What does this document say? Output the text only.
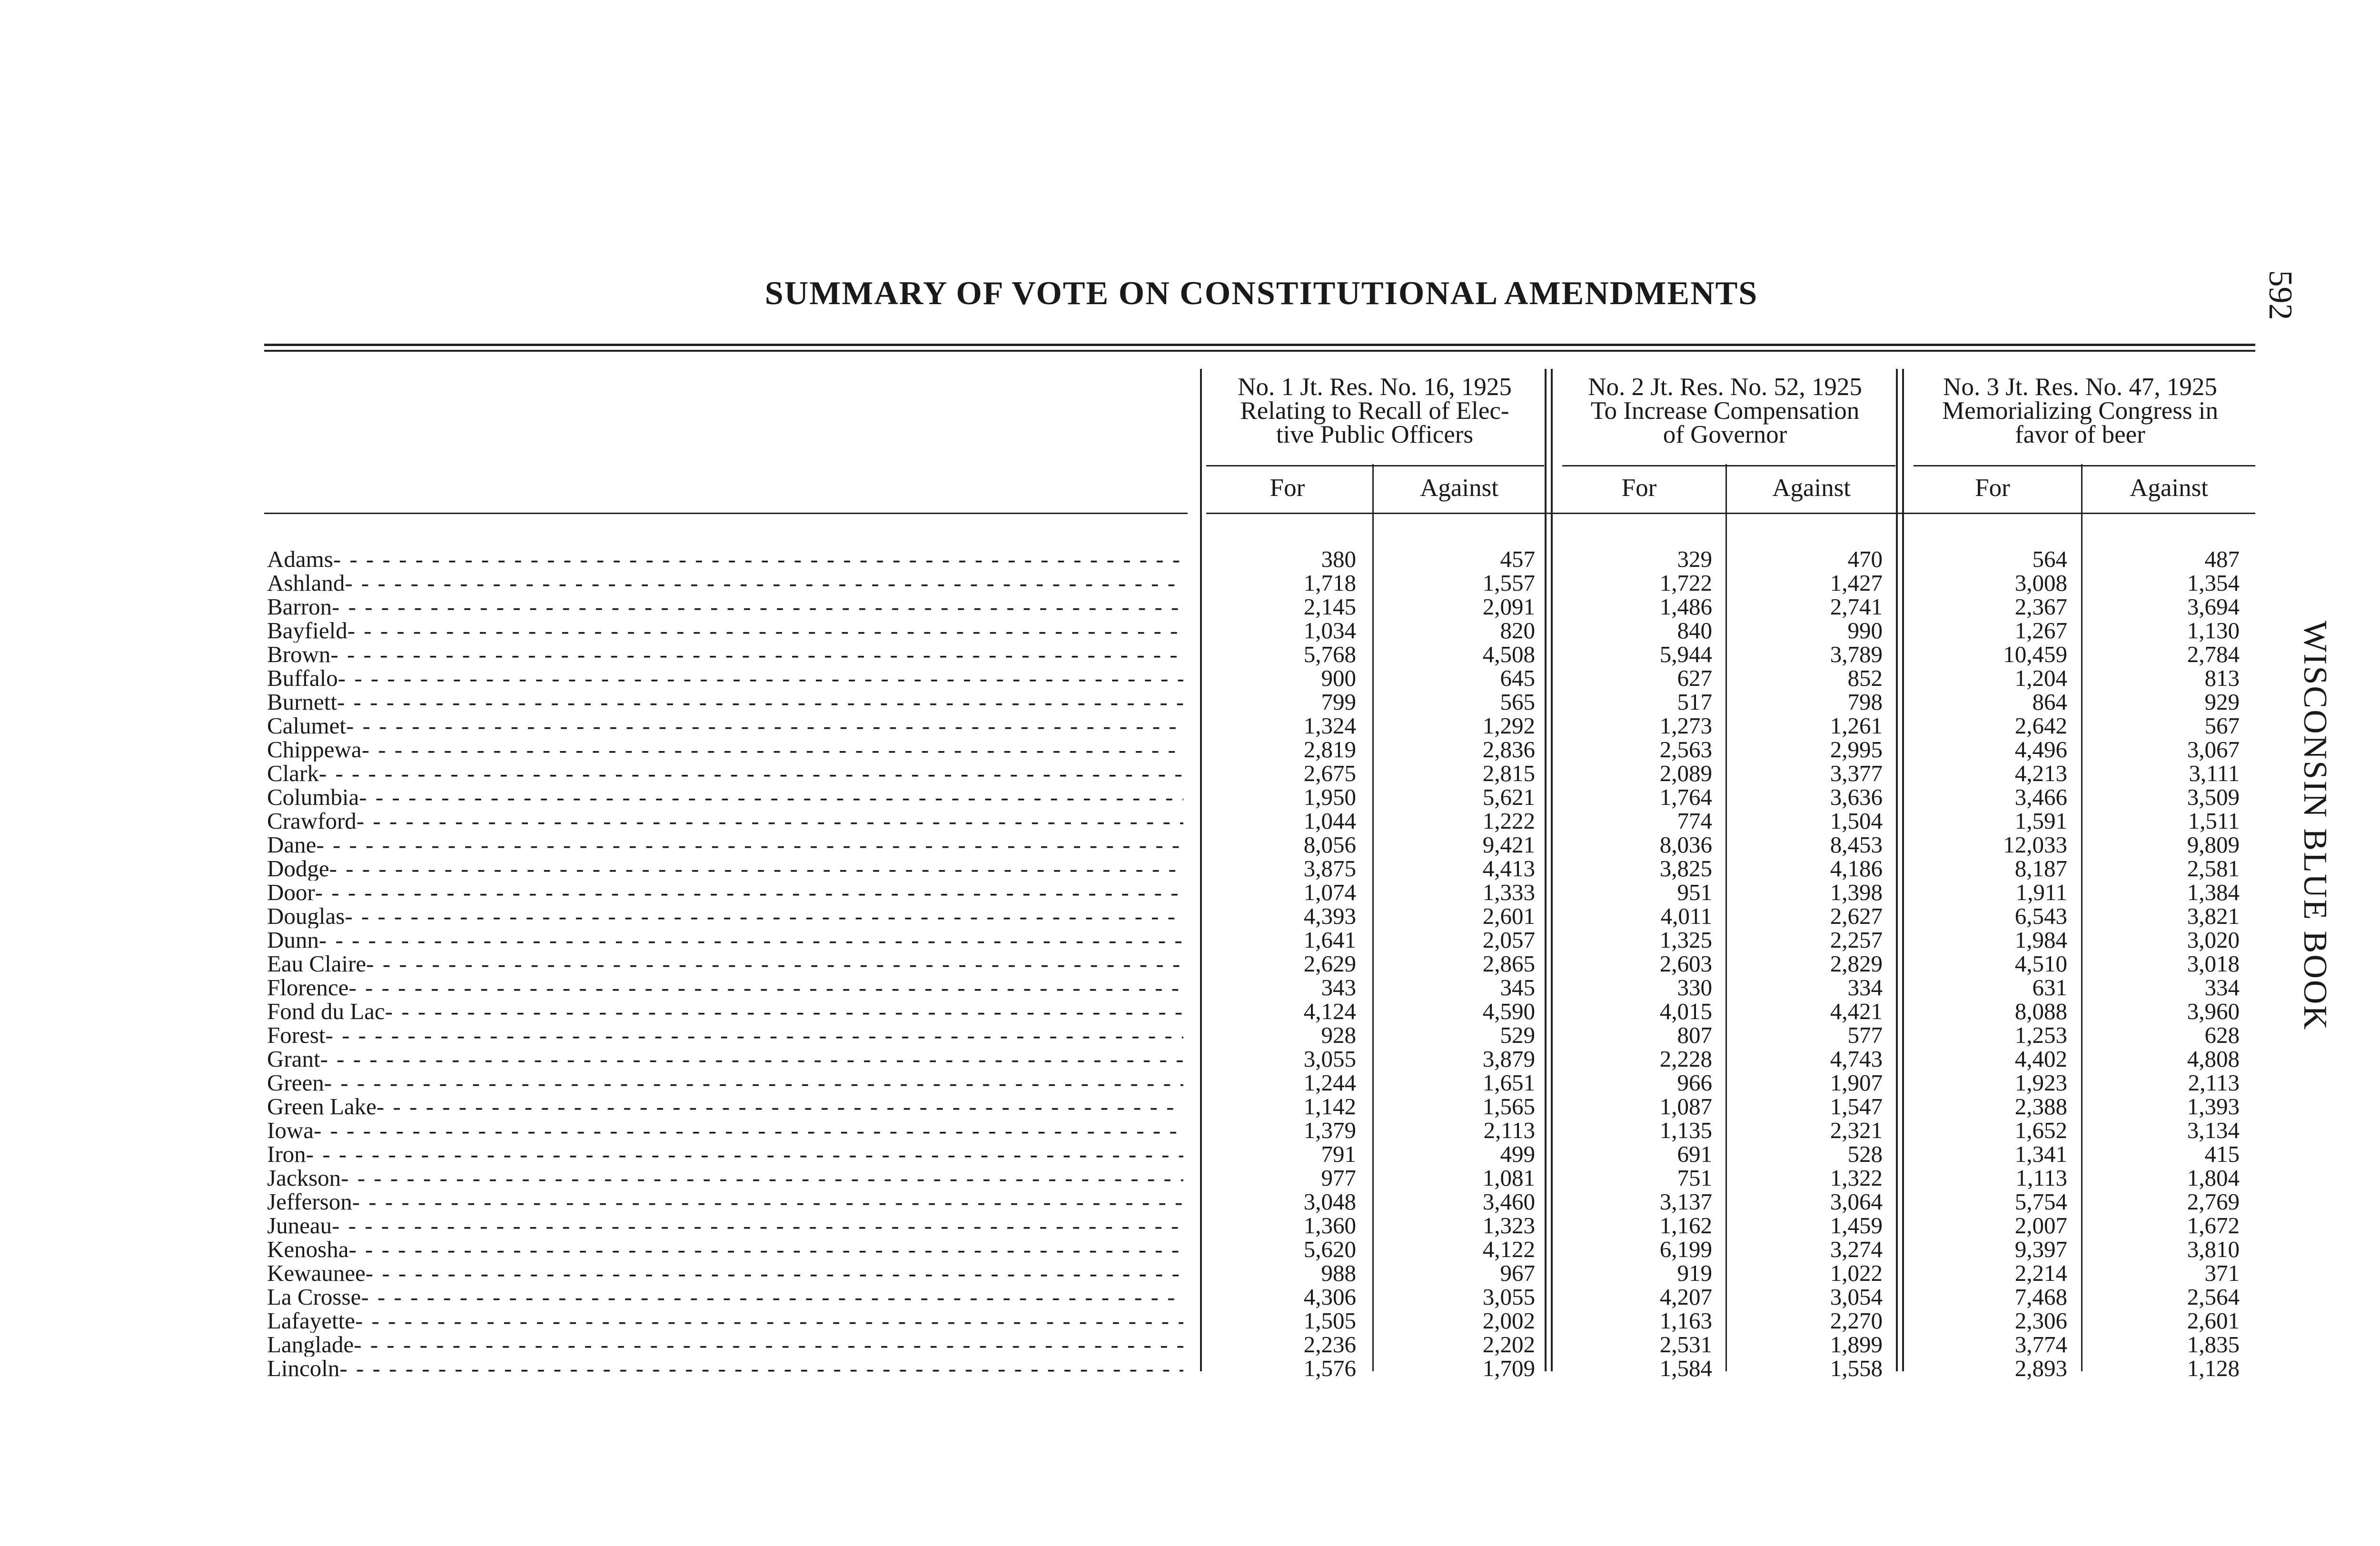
SUMMARY OF VOTE ON CONSTITUTIONAL AMENDMENTS	592
WISCONSIN BLUE BOOK
No. 1 Jt. Res. No. 16, 1925
Relating to Recall of Elec-
tive Public Officers
No. 2 Jt. Res. No. 52, 1925
To Increase Compensation
of Governor
No. 3 Jt. Res. No. 47, 1925
Memorializing Congress in
favor of beer
For	Against	For	Against	For	Against
Adams - - -	380	457	329	470	564	487
Ashland - - -	1,718	1,557	1,722	1,427	3,008	1,354
Barron - - -	2,145	2,091	1,486	2,741	2,367	3,694
Bayfield - - -	1,034	820	840	990	1,267	1,130
Brown - - -	5,768	4,508	5,944	3,789	10,459	2,784
Buffalo - - -	900	645	627	852	1,204	813
Burnett - - -	799	565	517	798	864	929
Calumet - - -	1,324	1,292	1,273	1,261	2,642	567
Chippewa - - -	2,819	2,836	2,563	2,995	4,496	3,067
Clark - - -	2,675	2,815	2,089	3,377	4,213	3,111
Columbia - - -	1,950	5,621	1,764	3,636	3,466	3,509
Crawford - - -	1,044	1,222	774	1,504	1,591	1,511
Dane - - -	8,056	9,421	8,036	8,453	12,033	9,809
Dodge - - -	3,875	4,413	3,825	4,186	8,187	2,581
Door - - -	1,074	1,333	951	1,398	1,911	1,384
Douglas - - -	4,393	2,601	4,011	2,627	6,543	3,821
Dunn - - -	1,641	2,057	1,325	2,257	1,984	3,020
Eau Claire - - -	2,629	2,865	2,603	2,829	4,510	3,018
Florence - - -	343	345	330	334	631	334
Fond du Lac - - -	4,124	4,590	4,015	4,421	8,088	3,960
Forest - - -	928	529	807	577	1,253	628
Grant - - -	3,055	3,879	2,228	4,743	4,402	4,808
Green - - -	1,244	1,651	966	1,907	1,923	2,113
Green Lake - - -	1,142	1,565	1,087	1,547	2,388	1,393
Iowa - - -	1,379	2,113	1,135	2,321	1,652	3,134
Iron - - -	791	499	691	528	1,341	415
Jackson - - -	977	1,081	751	1,322	1,113	1,804
Jefferson - - -	3,048	3,460	3,137	3,064	5,754	2,769
Juneau - - -	1,360	1,323	1,162	1,459	2,007	1,672
Kenosha - - -	5,620	4,122	6,199	3,274	9,397	3,810
Kewaunee - - -	988	967	919	1,022	2,214	371
La Crosse - - -	4,306	3,055	4,207	3,054	7,468	2,564
Lafayette - - -	1,505	2,002	1,163	2,270	2,306	2,601
Langlade - - -	2,236	2,202	2,531	1,899	3,774	1,835
Lincoln - - -	1,576	1,709	1,584	1,558	2,893	1,128
